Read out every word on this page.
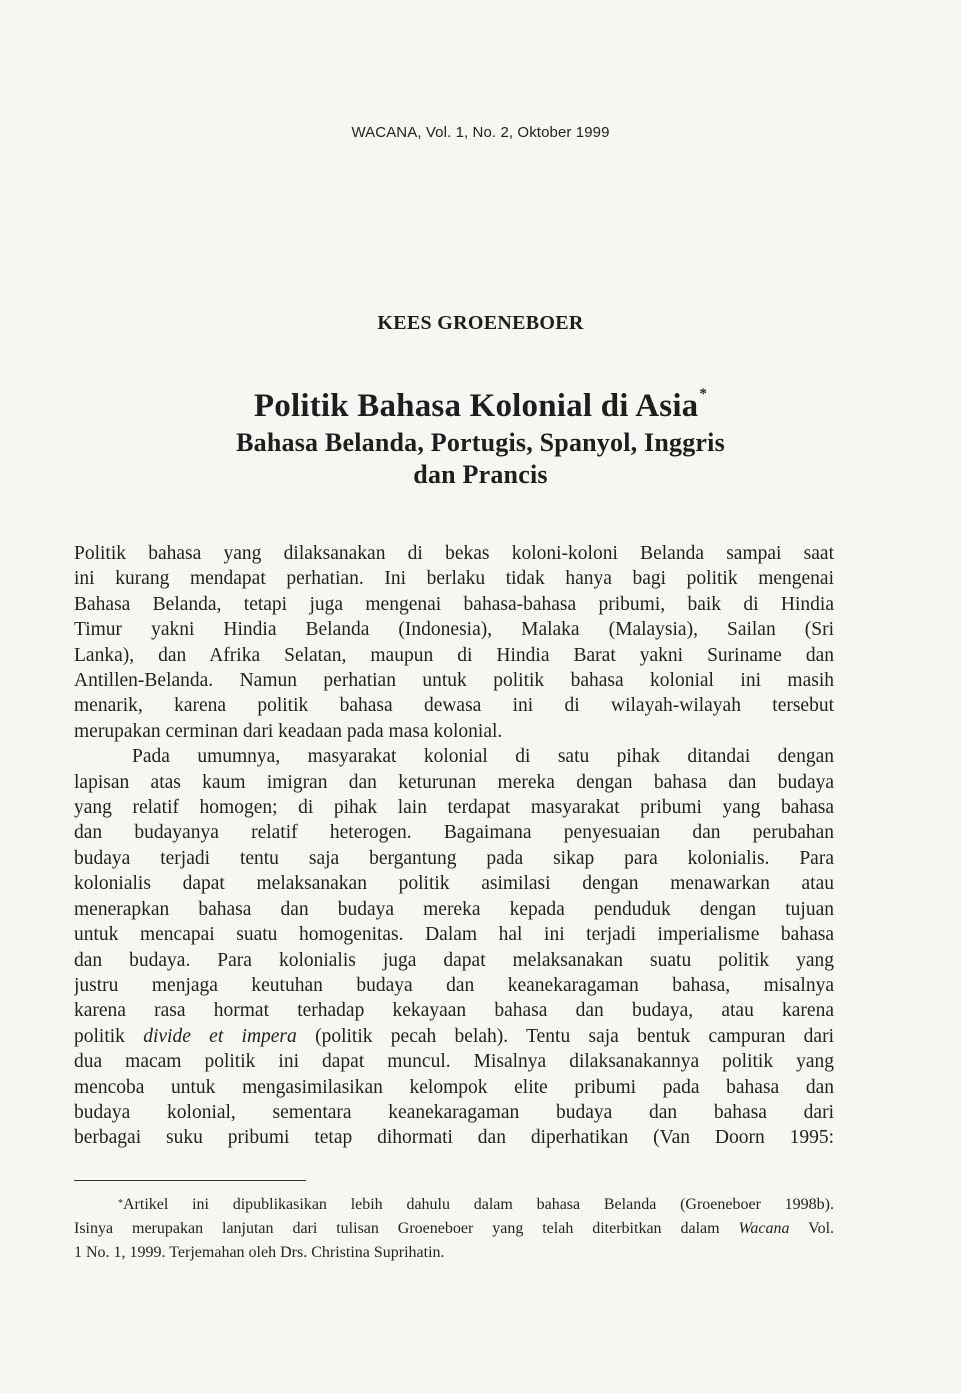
WACANA, Vol. 1, No. 2, Oktober 1999
KEES GROENEBOER
Politik Bahasa Kolonial di Asia*
Bahasa Belanda, Portugis, Spanyol, Inggris
dan Prancis
Politik bahasa yang dilaksanakan di bekas koloni-koloni Belanda sampai saat
ini kurang mendapat perhatian. Ini berlaku tidak hanya bagi politik mengenai
Bahasa Belanda, tetapi juga mengenai bahasa-bahasa pribumi, baik di Hindia
Timur yakni Hindia Belanda (Indonesia), Malaka (Malaysia), Sailan (Sri
Lanka), dan Afrika Selatan, maupun di Hindia Barat yakni Suriname dan
Antillen-Belanda. Namun perhatian untuk politik bahasa kolonial ini masih
menarik, karena politik bahasa dewasa ini di wilayah-wilayah tersebut
merupakan cerminan dari keadaan pada masa kolonial.
Pada umumnya, masyarakat kolonial di satu pihak ditandai dengan
lapisan atas kaum imigran dan keturunan mereka dengan bahasa dan budaya
yang relatif homogen; di pihak lain terdapat masyarakat pribumi yang bahasa
dan budayanya relatif heterogen. Bagaimana penyesuaian dan perubahan
budaya terjadi tentu saja bergantung pada sikap para kolonialis. Para
kolonialis dapat melaksanakan politik asimilasi dengan menawarkan atau
menerapkan bahasa dan budaya mereka kepada penduduk dengan tujuan
untuk mencapai suatu homogenitas. Dalam hal ini terjadi imperialisme bahasa
dan budaya. Para kolonialis juga dapat melaksanakan suatu politik yang
justru menjaga keutuhan budaya dan keanekaragaman bahasa, misalnya
karena rasa hormat terhadap kekayaan bahasa dan budaya, atau karena
politik divide et impera (politik pecah belah). Tentu saja bentuk campuran dari
dua macam politik ini dapat muncul. Misalnya dilaksanakannya politik yang
mencoba untuk mengasimilasikan kelompok elite pribumi pada bahasa dan
budaya kolonial, sementara keanekaragaman budaya dan bahasa dari
berbagai suku pribumi tetap dihormati dan diperhatikan (Van Doorn 1995:
*Artikel ini dipublikasikan lebih dahulu dalam bahasa Belanda (Groeneboer 1998b).
Isinya merupakan lanjutan dari tulisan Groeneboer yang telah diterbitkan dalam Wacana Vol.
1 No. 1, 1999. Terjemahan oleh Drs. Christina Suprihatin.
